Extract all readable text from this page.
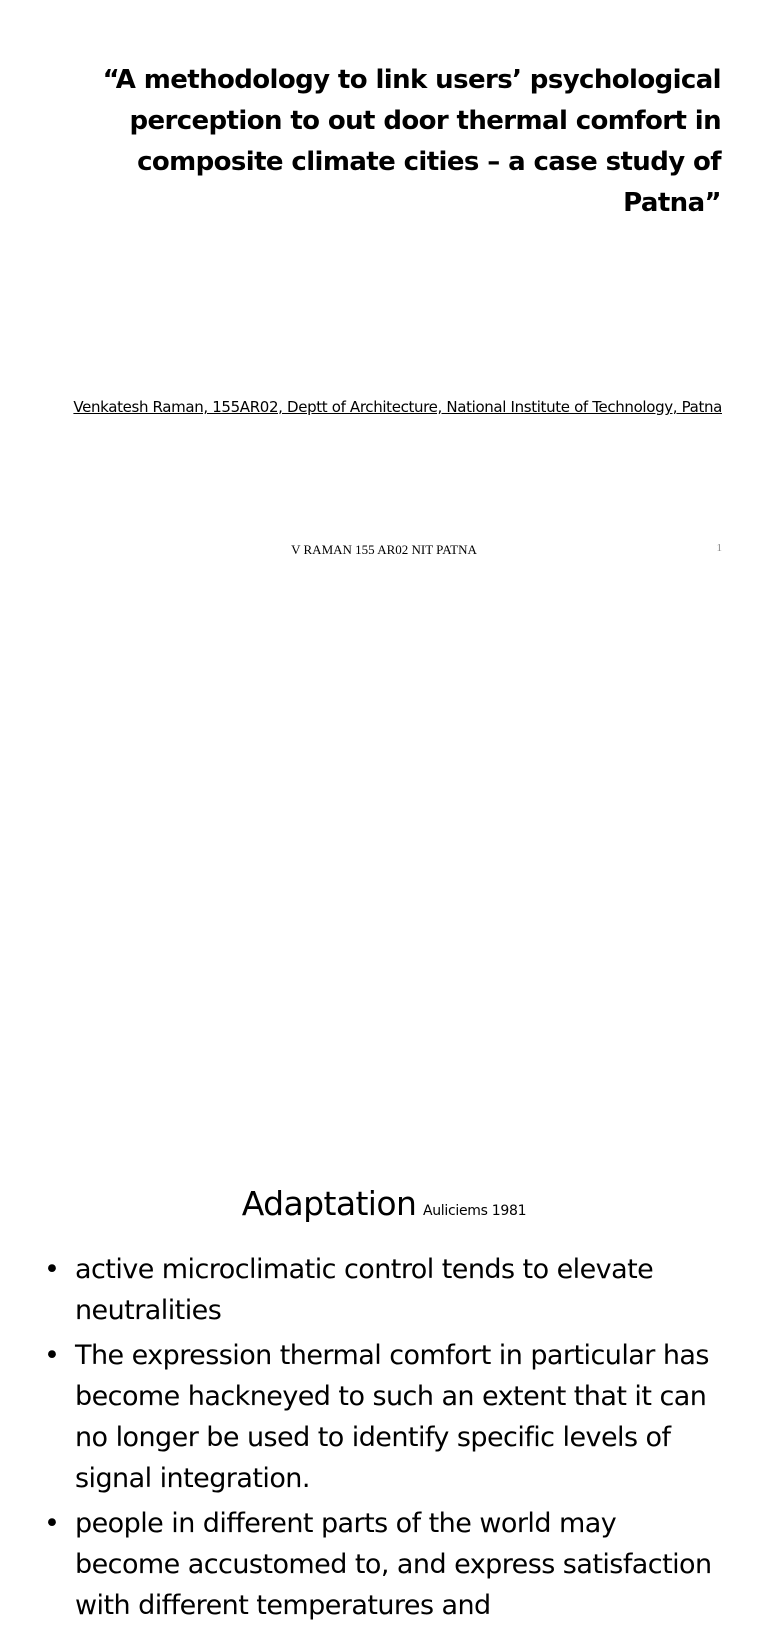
“A methodology to link users’ psychological perception to out door thermal comfort in composite climate cities – a case study of Patna”

Venkatesh Raman, 155AR02, Deptt of Architecture, National Institute of Technology, Patna

V RAMAN 155 AR02 NIT PATNA	1
Adaptation Auliciems 1981
• active microclimatic control tends to elevate neutralities
• The expression thermal comfort in particular has become hackneyed to such an extent that it can no longer be used to identify specific levels of signal integration.
• people in different parts of the world may become accustomed to, and express satisfaction with different temperatures and
